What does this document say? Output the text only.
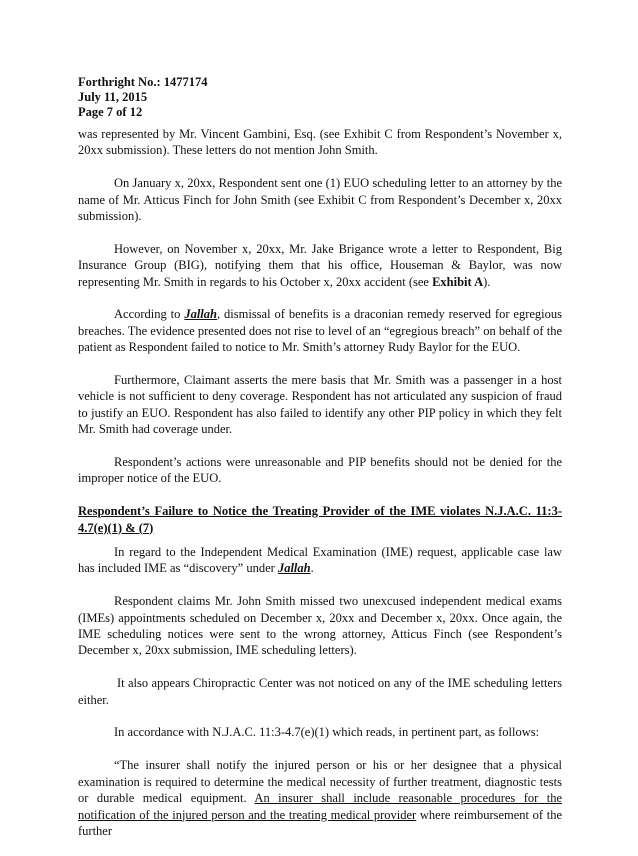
Forthright No.: 1477174
July 11, 2015
Page 7 of 12

was represented by Mr. Vincent Gambini, Esq. (see Exhibit C from Respondent’s November x, 20xx submission). These letters do not mention John Smith.

On January x, 20xx, Respondent sent one (1) EUO scheduling letter to an attorney by the name of Mr. Atticus Finch for John Smith (see Exhibit C from Respondent’s December x, 20xx submission).

However, on November x, 20xx, Mr. Jake Brigance wrote a letter to Respondent, Big Insurance Group (BIG), notifying them that his office, Houseman & Baylor, was now representing Mr. Smith in regards to his October x, 20xx accident (see Exhibit A).

According to Jallah, dismissal of benefits is a draconian remedy reserved for egregious breaches. The evidence presented does not rise to level of an “egregious breach” on behalf of the patient as Respondent failed to notice to Mr. Smith’s attorney Rudy Baylor for the EUO.

Furthermore, Claimant asserts the mere basis that Mr. Smith was a passenger in a host vehicle is not sufficient to deny coverage. Respondent has not articulated any suspicion of fraud to justify an EUO. Respondent has also failed to identify any other PIP policy in which they felt Mr. Smith had coverage under.

Respondent’s actions were unreasonable and PIP benefits should not be denied for the improper notice of the EUO.

Respondent’s Failure to Notice the Treating Provider of the IME violates N.J.A.C. 11:3-4.7(e)(1) & (7)

In regard to the Independent Medical Examination (IME) request, applicable case law has included IME as “discovery” under Jallah.

Respondent claims Mr. John Smith missed two unexcused independent medical exams (IMEs) appointments scheduled on December x, 20xx and December x, 20xx. Once again, the IME scheduling notices were sent to the wrong attorney, Atticus Finch (see Respondent’s December x, 20xx submission, IME scheduling letters).

It also appears Chiropractic Center was not noticed on any of the IME scheduling letters either.

In accordance with N.J.A.C. 11:3-4.7(e)(1) which reads, in pertinent part, as follows:

“The insurer shall notify the injured person or his or her designee that a physical examination is required to determine the medical necessity of further treatment, diagnostic tests or durable medical equipment. An insurer shall include reasonable procedures for the notification of the injured person and the treating medical provider where reimbursement of the further
